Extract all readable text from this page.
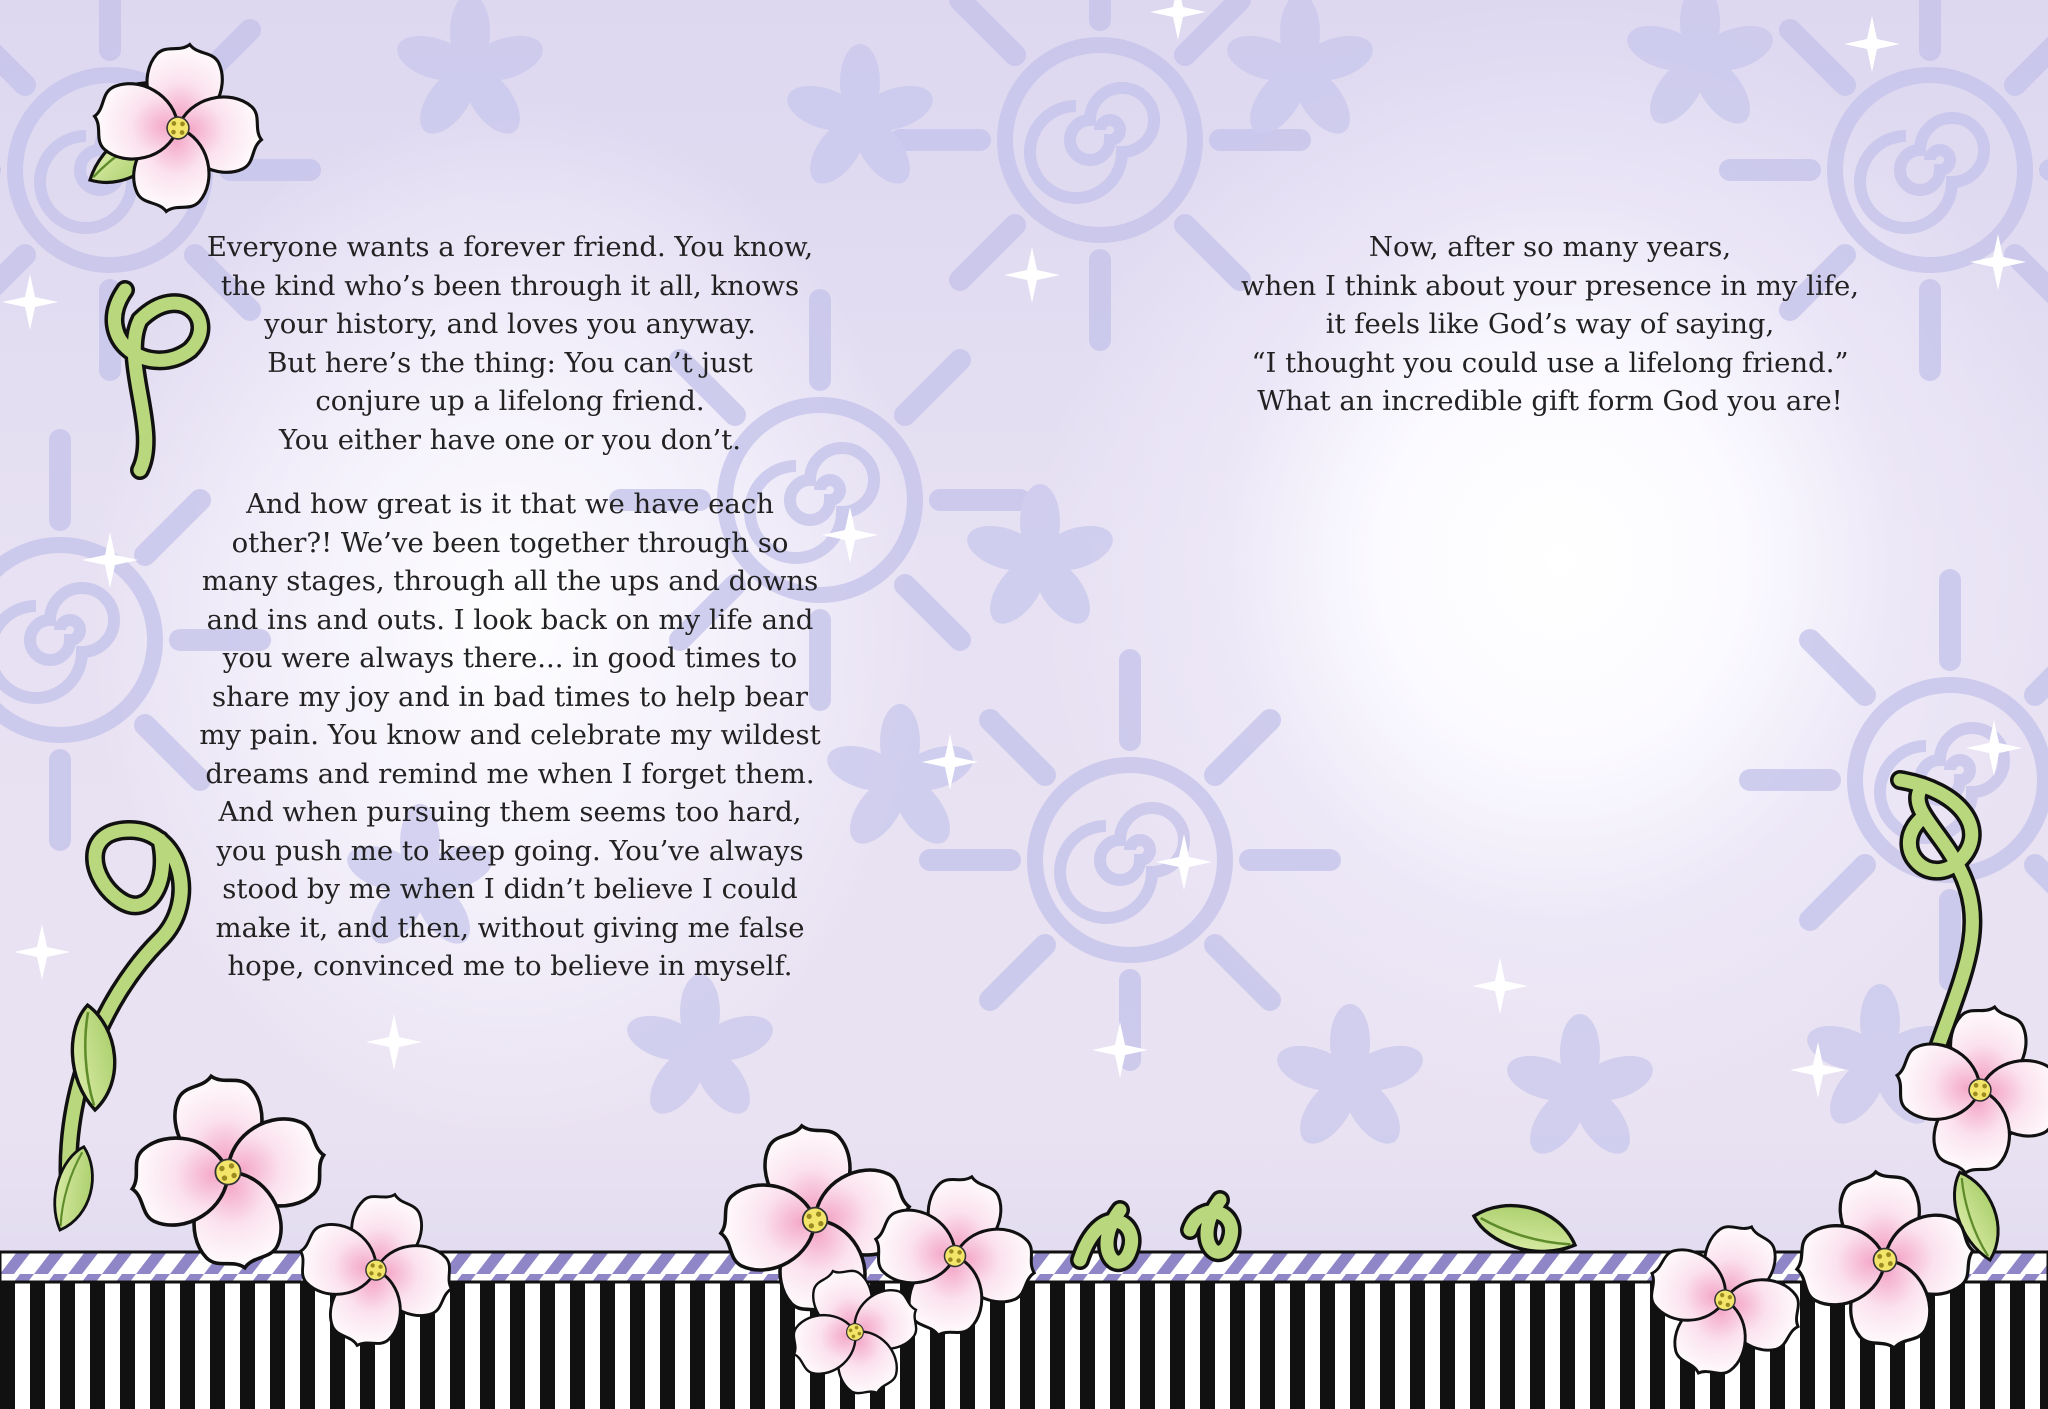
Everyone wants a forever friend. You know,
the kind who’s been through it all, knows
your history, and loves you anyway.
But here’s the thing: You can’t just
conjure up a lifelong friend.
You either have one or you don’t.

And how great is it that we have each
other?! We’ve been together through so
many stages, through all the ups and downs
and ins and outs. I look back on my life and
you were always there... in good times to
share my joy and in bad times to help bear
my pain. You know and celebrate my wildest
dreams and remind me when I forget them.
And when pursuing them seems too hard,
you push me to keep going. You’ve always
stood by me when I didn’t believe I could
make it, and then, without giving me false
hope, convinced me to believe in myself.

Now, after so many years,
when I think about your presence in my life,
it feels like God’s way of saying,
“I thought you could use a lifelong friend.”
What an incredible gift form God you are!
